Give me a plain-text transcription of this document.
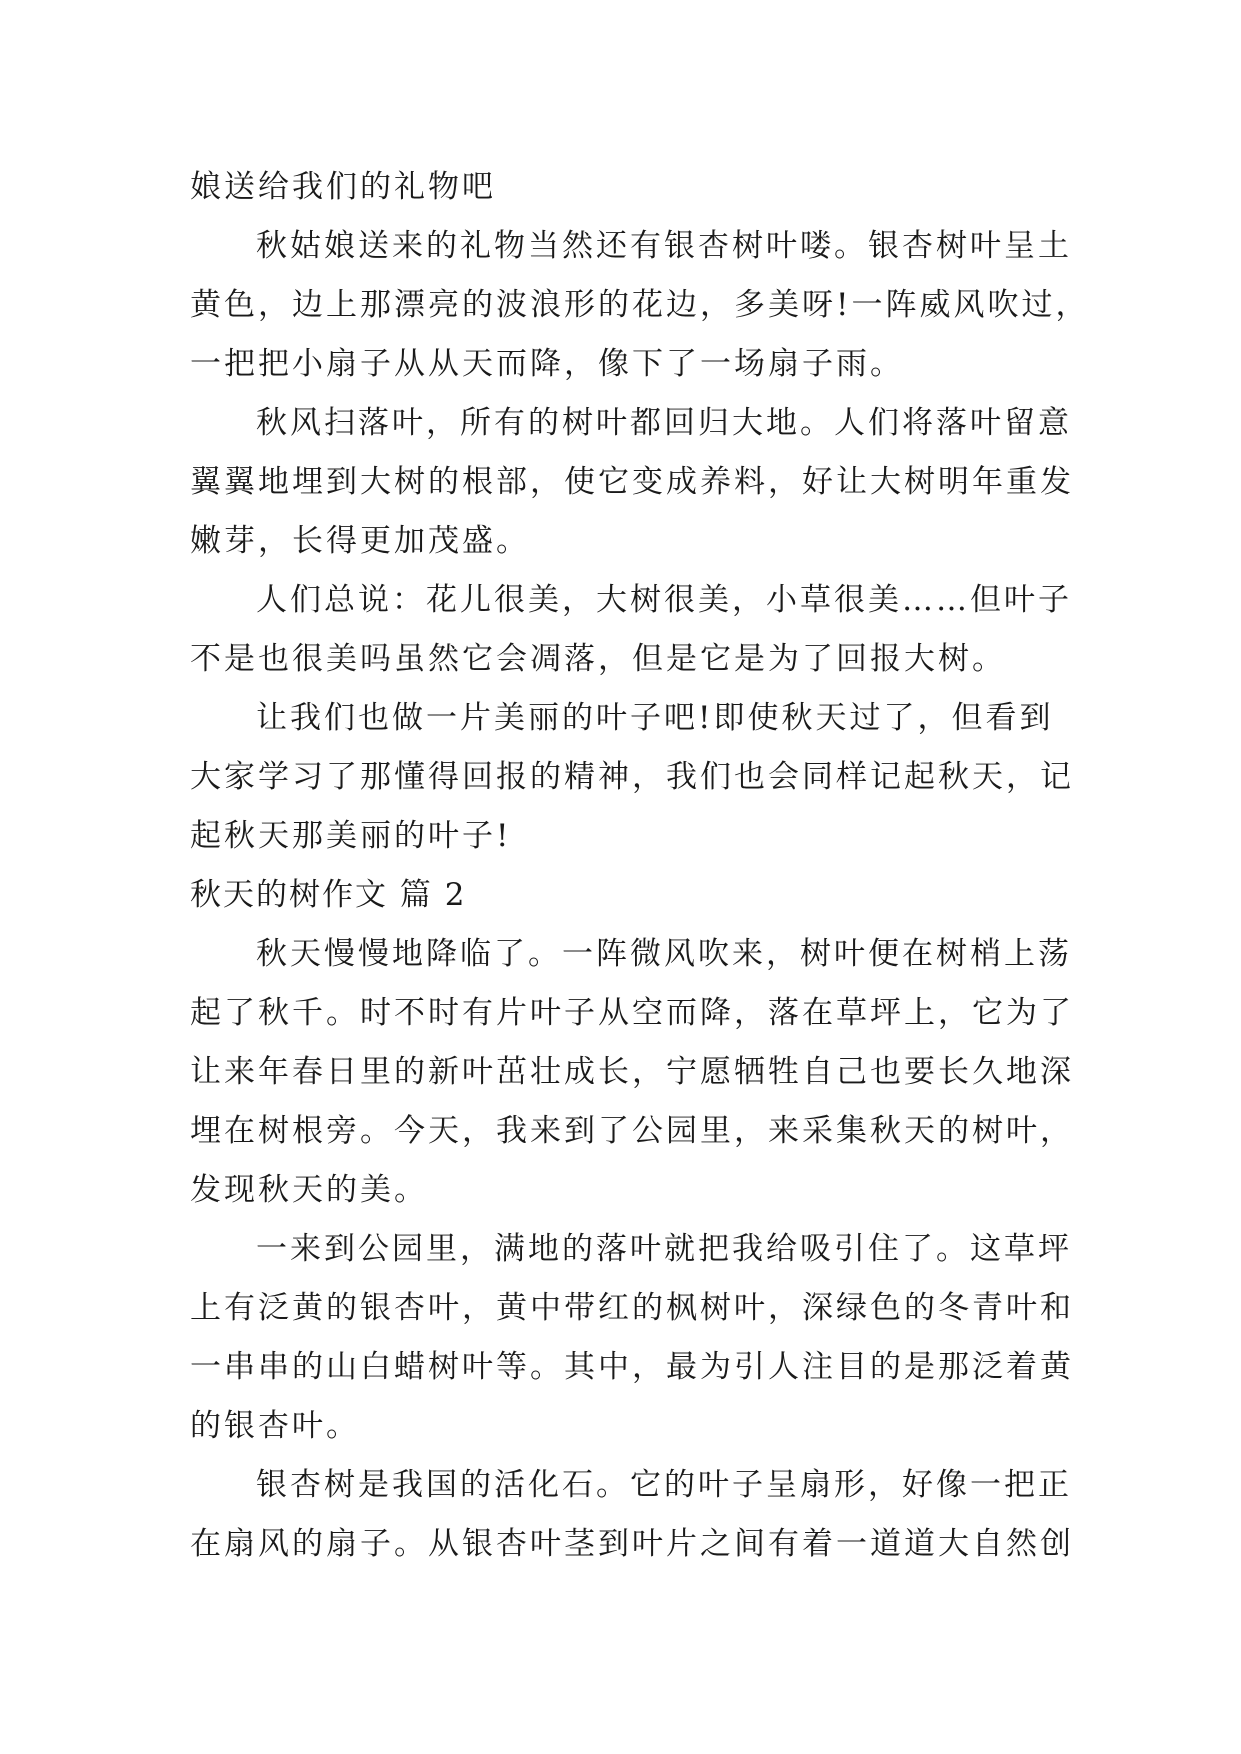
娘送给我们的礼物吧
秋姑娘送来的礼物当然还有银杏树叶喽。银杏树叶呈土
黄色，边上那漂亮的波浪形的花边，多美呀!一阵威风吹过，
一把把小扇子从从天而降，像下了一场扇子雨。
秋风扫落叶，所有的树叶都回归大地。人们将落叶留意
翼翼地埋到大树的根部，使它变成养料，好让大树明年重发
嫩芽，长得更加茂盛。
人们总说：花儿很美，大树很美，小草很美……但叶子
不是也很美吗虽然它会凋落，但是它是为了回报大树。
让我们也做一片美丽的叶子吧!即使秋天过了，但看到
大家学习了那懂得回报的精神，我们也会同样记起秋天，记
起秋天那美丽的叶子!
秋天的树作文 篇 2
秋天慢慢地降临了。一阵微风吹来，树叶便在树梢上荡
起了秋千。时不时有片叶子从空而降，落在草坪上，它为了
让来年春日里的新叶茁壮成长，宁愿牺牲自己也要长久地深
埋在树根旁。今天，我来到了公园里，来采集秋天的树叶，
发现秋天的美。
一来到公园里，满地的落叶就把我给吸引住了。这草坪
上有泛黄的银杏叶，黄中带红的枫树叶，深绿色的冬青叶和
一串串的山白蜡树叶等。其中，最为引人注目的是那泛着黄
的银杏叶。
银杏树是我国的活化石。它的叶子呈扇形，好像一把正
在扇风的扇子。从银杏叶茎到叶片之间有着一道道大自然创
